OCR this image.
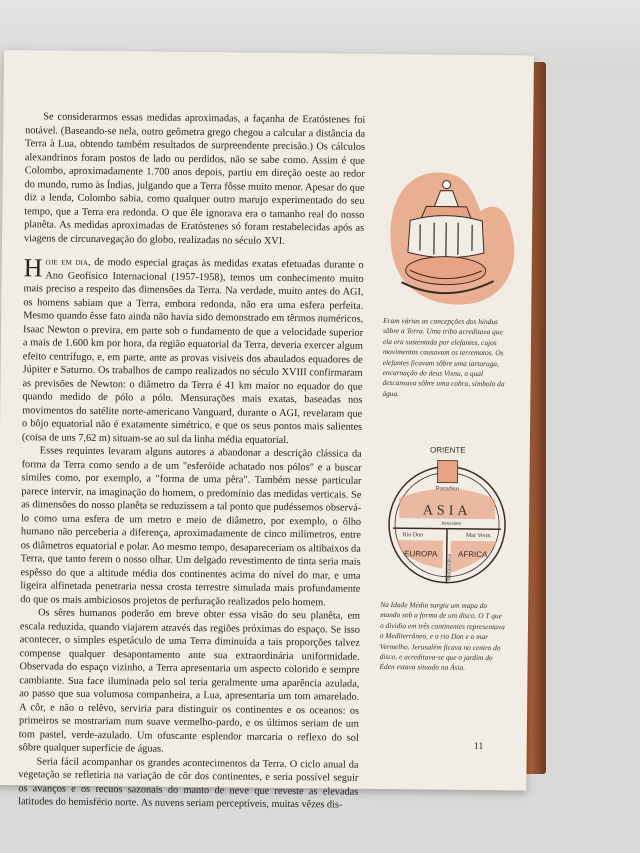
Se considerarmos essas medidas aproximadas, a façanha de Eratóstenes foi notável. (Baseando-se nela, outro geômetra grego chegou a calcular a distância da Terra à Lua, obtendo também resultados de surpreendente precisão.) Os cálculos alexandrinos foram postos de lado ou perdidos, não se sabe como. Assim é que Colombo, aproximadamente 1.700 anos depois, partiu em direção oeste ao redor do mundo, rumo às Índias, julgando que a Terra fôsse muito menor. Apesar do que diz a lenda, Colombo sabia, como qualquer outro marujo experimentado do seu tempo, que a Terra era redonda. O que êle ignorava era o tamanho real do nosso planêta. As medidas aproximadas de Eratóstenes só foram restabelecidas após as viagens de circunavegação do globo, realizadas no século XVI.

Hoje em dia, de modo especial graças às medidas exatas efetuadas durante o Ano Geofísico Internacional (1957-1958), temos um conhecimento muito mais preciso a respeito das dimensões da Terra. Na verdade, muito antes do AGI, os homens sabiam que a Terra, embora redonda, não era uma esfera perfeita. Mesmo quando êsse fato ainda não havia sido demonstrado em têrmos numéricos, Isaac Newton o previra, em parte sob o fundamento de que a velocidade superior a mais de 1.600 km por hora, da região equatorial da Terra, deveria exercer algum efeito centrífugo, e, em parte, ante as provas visíveis dos abaulados equadores de Júpiter e Saturno. Os trabalhos de campo realizados no século XVIII confirmaram as previsões de Newton: o diâmetro da Terra é 41 km maior no equador do que quando medido de pólo a pólo. Mensurações mais exatas, baseadas nos movimentos do satélite norte-americano Vanguard, durante o AGI, revelaram que o bôjo equatorial não é exatamente simétrico, e que os seus pontos mais salientes (coisa de uns 7,62 m) situam-se ao sul da linha média equatorial.

Esses requintes levaram alguns autores a abandonar a descrição clássica da forma da Terra como sendo a de um "esferóide achatado nos pólos" e a buscar símiles como, por exemplo, a "forma de uma pêra". Também nesse particular parece intervir, na imaginação do homem, o predomínio das medidas verticais. Se as dimensões do nosso planêta se reduzissem a tal ponto que pudéssemos observá-lo como uma esfera de um metro e meio de diâmetro, por exemplo, o ôlho humano não perceberia a diferença, aproximadamente de cinco milímetros, entre os diâmetros equatorial e polar. Ao mesmo tempo, desapareceriam os altibaixos da Terra, que tanto ferem o nosso olhar. Um delgado revestimento de tinta seria mais espêsso do que a altitude média dos continentes acima do nível do mar, e uma ligeira alfinetada penetraria nessa crosta terrestre simulada mais profundamente do que os mais ambiciosos projetos de perfuração realizados pelo homem.

Os sêres humanos poderão em breve obter essa visão do seu planêta, em escala reduzida, quando viajarem através das regiões próximas do espaço. Se isso acontecer, o simples espetáculo de uma Terra diminuída a tais proporções talvez compense qualquer desapontamento ante sua extraordinária uniformidade. Observada do espaço vizinho, a Terra apresentaria um aspecto colorido e sempre cambiante. Sua face iluminada pelo sol teria geralmente uma aparência azulada, ao passo que sua volumosa companheira, a Lua, apresentaria um tom amarelado. A côr, e não o relêvo, serviria para distinguir os continentes e os oceanos: os primeiros se mostrariam num suave vermelho-pardo, e os últimos seriam de um tom pastel, verde-azulado. Um ofuscante esplendor marcaria o reflexo do sol sôbre qualquer superfície de águas.

Seria fácil acompanhar os grandes acontecimentos da Terra. O ciclo anual da vegetação se refletiria na variação de côr dos continentes, e seria possível seguir os avanços e os recuos sazonais do manto de neve que reveste as elevadas latitudes do hemisfério norte. As nuvens seriam perceptíveis, muitas vêzes dis-

Eram várias as concepções dos hindus sôbre a Terra. Uma tribo acreditava que ela era sustentada por elefantes, cujos movimentos causavam os terremotos. Os elefantes ficavam sôbre uma tartaruga, encarnação do deus Vixnu, o qual descansava sôbre uma cobra, símbolo da água.
ORIENTE
ASIA
Jerusalem
Rio Don	Mar Verm.
EUROPA	AFRICA
Mediterrâneo
Na Idade Média surgiu um mapa do mundo sob a forma de um disco. O T que o dividia em três continentes representava o Mediterrâneo, e o rio Don e o mar Vermelho. Jerusalém ficava no centro do disco, e acreditava-se que o jardim do Éden estava situado na Ásia.
11
